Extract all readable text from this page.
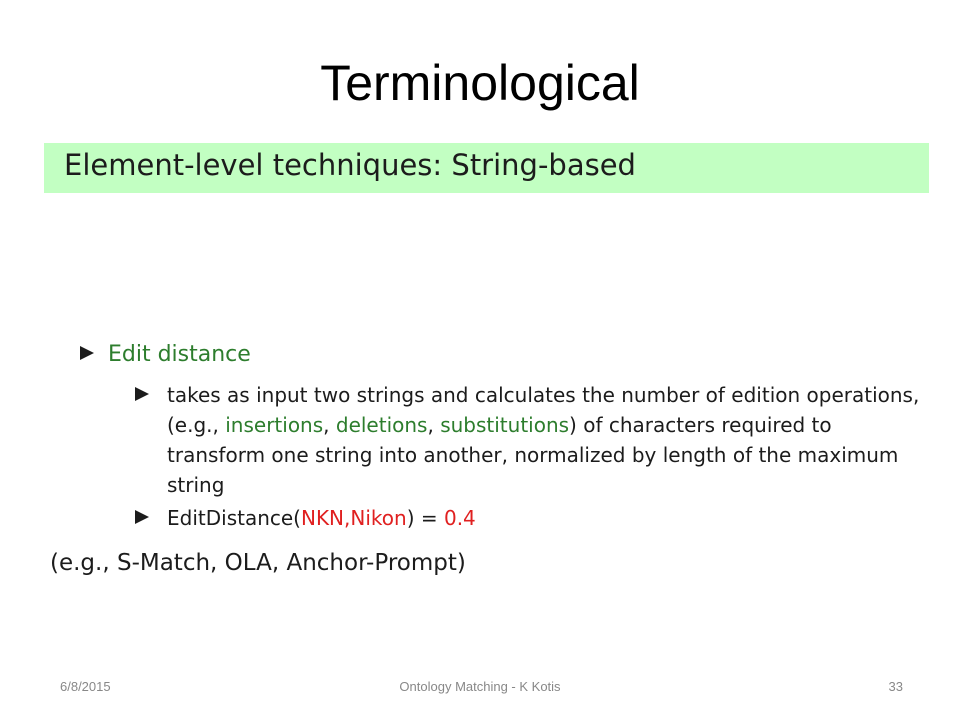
Terminological
Element-level techniques: String-based
Edit distance
takes as input two strings and calculates the number of edition operations, (e.g., insertions, deletions, substitutions) of characters required to transform one string into another, normalized by length of the maximum string
EditDistance(NKN,Nikon) = 0.4
(e.g., S-Match, OLA, Anchor-Prompt)
6/8/2015	Ontology Matching - K Kotis	33
